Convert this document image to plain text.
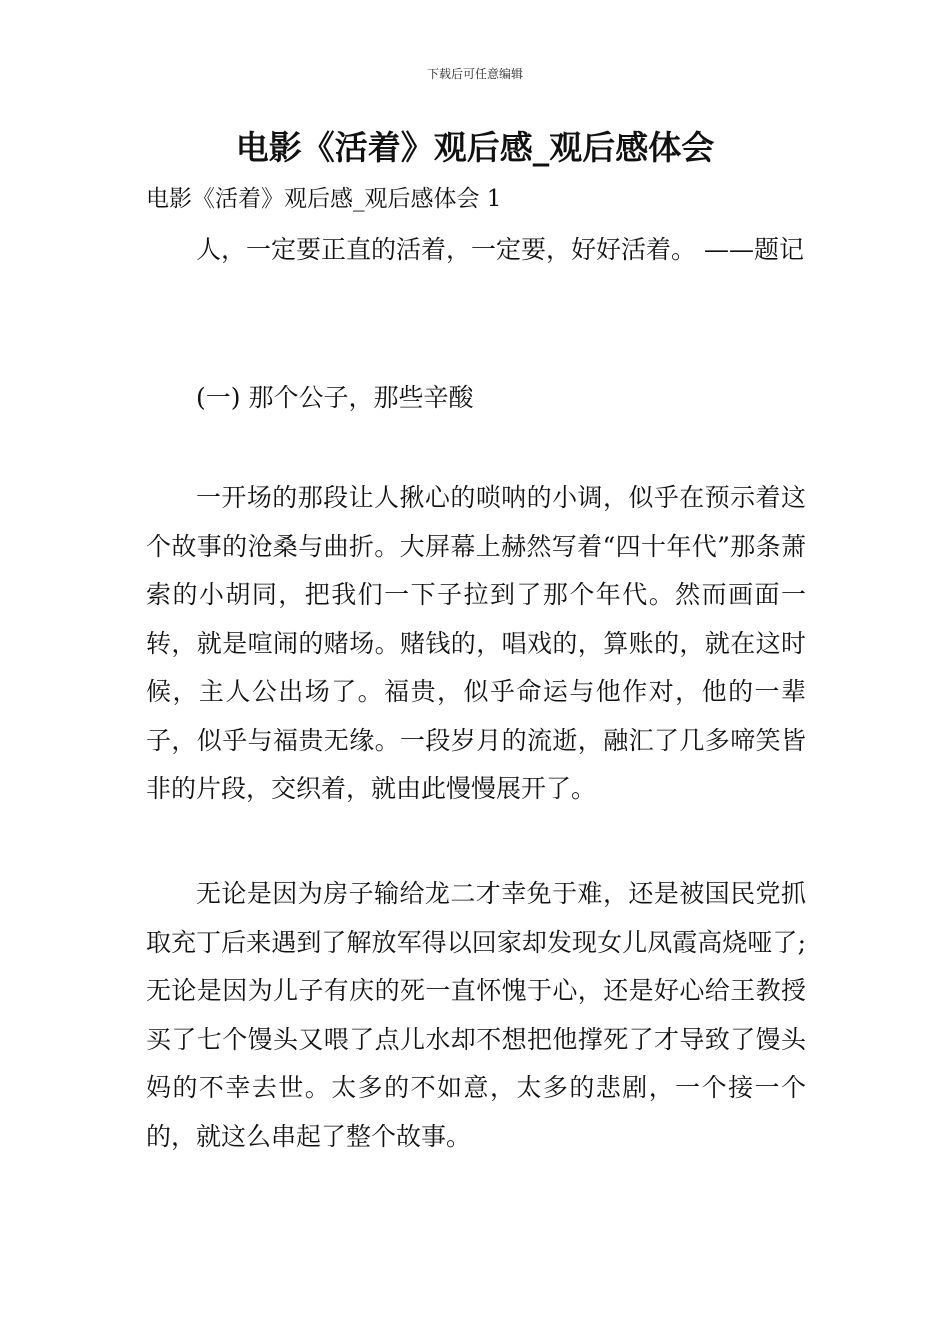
下载后可任意编辑
电影《活着》观后感_观后感体会

电影《活着》观后感_观后感体会 1

人，一定要正直的活着，一定要，好好活着。 ——题记

(一) 那个公子，那些辛酸

一开场的那段让人揪心的唢呐的小调，似乎在预示着这个故事的沧桑与曲折。大屏幕上赫然写着“四十年代”那条萧索的小胡同，把我们一下子拉到了那个年代。然而画面一转，就是喧闹的赌场。赌钱的，唱戏的，算账的，就在这时候，主人公出场了。福贵，似乎命运与他作对，他的一辈子，似乎与福贵无缘。一段岁月的流逝，融汇了几多啼笑皆非的片段，交织着，就由此慢慢展开了。

无论是因为房子输给龙二才幸免于难，还是被国民党抓取充丁后来遇到了解放军得以回家却发现女儿凤霞高烧哑了;无论是因为儿子有庆的死一直怀愧于心，还是好心给王教授买了七个馒头又喂了点儿水却不想把他撑死了才导致了馒头妈的不幸去世。太多的不如意，太多的悲剧，一个接一个的，就这么串起了整个故事。
